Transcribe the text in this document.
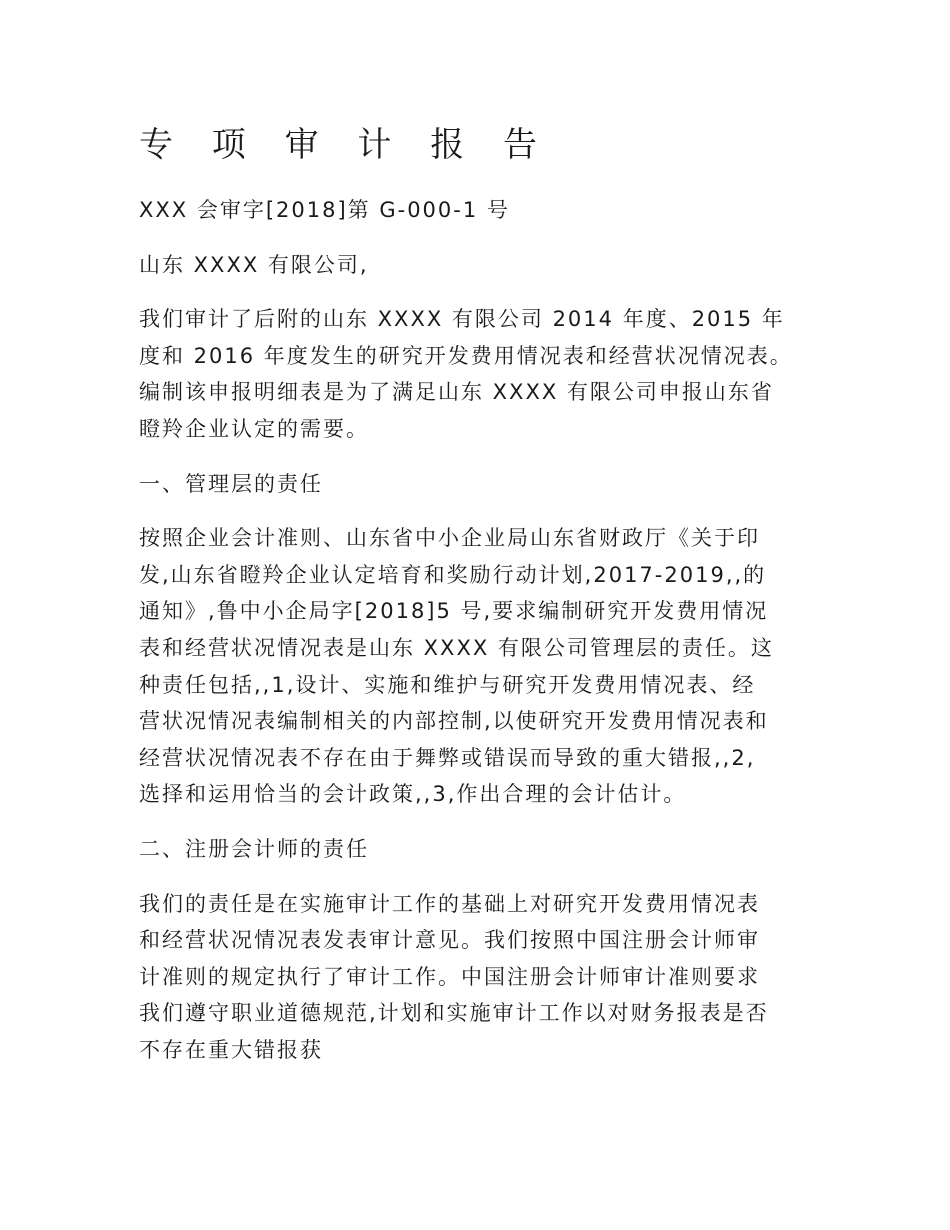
专 项 审 计 报 告
XXX 会审字[2018]第 G-000-1 号
山东 XXXX 有限公司,
我们审计了后附的山东 XXXX 有限公司 2014 年度、2015 年
度和 2016 年度发生的研究开发费用情况表和经营状况情况表。
编制该申报明细表是为了满足山东 XXXX 有限公司申报山东省
瞪羚企业认定的需要。
一、管理层的责任
按照企业会计准则、山东省中小企业局山东省财政厅《关于印
发,山东省瞪羚企业认定培育和奖励行动计划,2017-2019,,的
通知》,鲁中小企局字[2018]5 号,要求编制研究开发费用情况
表和经营状况情况表是山东 XXXX 有限公司管理层的责任。这
种责任包括,,1,设计、实施和维护与研究开发费用情况表、经
营状况情况表编制相关的内部控制,以使研究开发费用情况表和
经营状况情况表不存在由于舞弊或错误而导致的重大错报,,2,
选择和运用恰当的会计政策,,3,作出合理的会计估计。
二、注册会计师的责任
我们的责任是在实施审计工作的基础上对研究开发费用情况表
和经营状况情况表发表审计意见。我们按照中国注册会计师审
计准则的规定执行了审计工作。中国注册会计师审计准则要求
我们遵守职业道德规范,计划和实施审计工作以对财务报表是否
不存在重大错报获
